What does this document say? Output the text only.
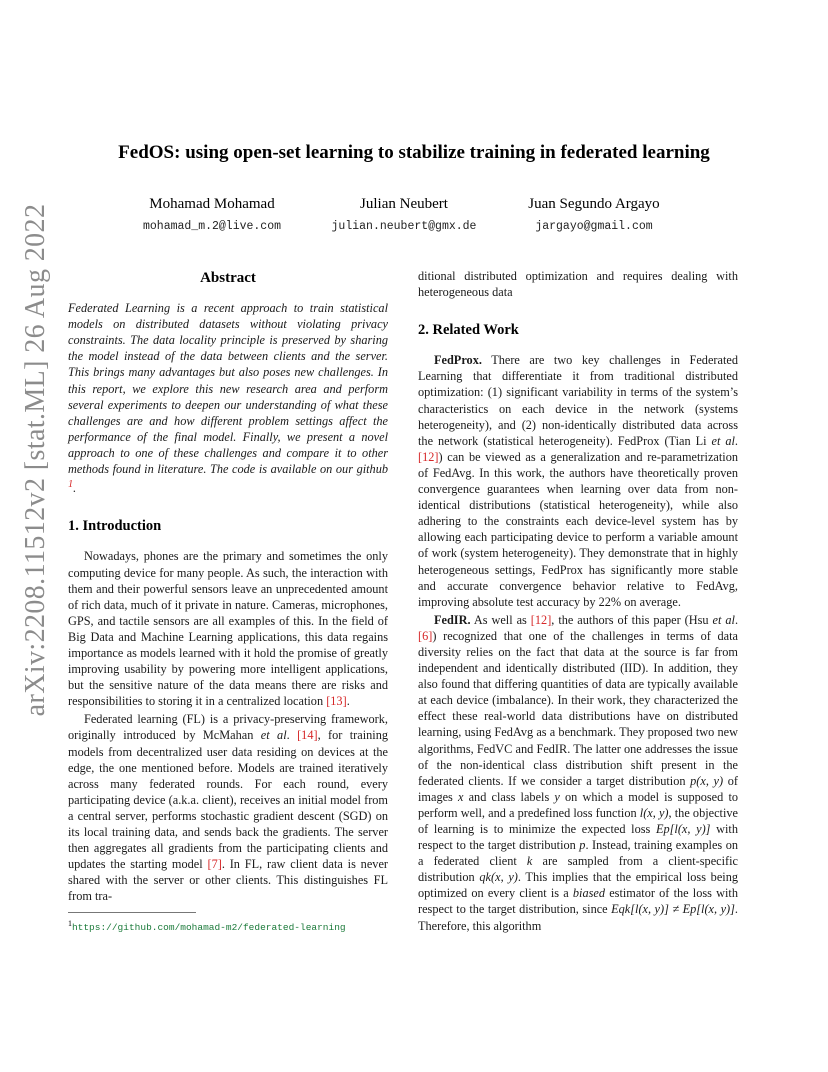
arXiv:2208.11512v2 [stat.ML] 26 Aug 2022
FedOS: using open-set learning to stabilize training in federated learning
Mohamad Mohamad
mohamad_m.2@live.com
Julian Neubert
julian.neubert@gmx.de
Juan Segundo Argayo
jargayo@gmail.com
Abstract

Federated Learning is a recent approach to train statistical models on distributed datasets without violating privacy constraints. The data locality principle is preserved by sharing the model instead of the data between clients and the server. This brings many advantages but also poses new challenges. In this report, we explore this new research area and perform several experiments to deepen our understanding of what these challenges are and how different problem settings affect the performance of the final model. Finally, we present a novel approach to one of these challenges and compare it to other methods found in literature. The code is available on our github $^1$.

1. Introduction

Nowadays, phones are the primary and sometimes the only computing device for many people. As such, the interaction with them and their powerful sensors leave an unprecedented amount of rich data, much of it private in nature. Cameras, microphones, GPS, and tactile sensors are all examples of this. In the field of Big Data and Machine Learning applications, this data regains importance as models learned with it hold the promise of greatly improving usability by powering more intelligent applications, but the sensitive nature of the data means there are risks and responsibilities to storing it in a centralized location [13].

Federated learning (FL) is a privacy-preserving framework, originally introduced by McMahan et al. [14], for training models from decentralized user data residing on devices at the edge, the one mentioned before. Models are trained iteratively across many federated rounds. For each round, every participating device (a.k.a. client), receives an initial model from a central server, performs stochastic gradient descent (SGD) on its local training data, and sends back the gradients. The server then aggregates all gradients from the participating clients and updates the starting model [7]. In FL, raw client data is never shared with the server or other clients. This distinguishes FL from tra-

$^1$https://github.com/mohamad-m2/federated-learning

ditional distributed optimization and requires dealing with heterogeneous data

2. Related Work

FedProx. There are two key challenges in Federated Learning that differentiate it from traditional distributed optimization: (1) significant variability in terms of the system’s characteristics on each device in the network (systems heterogeneity), and (2) non-identically distributed data across the network (statistical heterogeneity). FedProx (Tian Li et al. [12]) can be viewed as a generalization and re-parametrization of FedAvg. In this work, the authors have theoretically proven convergence guarantees when learning over data from non-identical distributions (statistical heterogeneity), while also adhering to the constraints each device-level system has by allowing each participating device to perform a variable amount of work (system heterogeneity). They demonstrate that in highly heterogeneous settings, FedProx has significantly more stable and accurate convergence behavior relative to FedAvg, improving absolute test accuracy by 22% on average.

FedIR. As well as [12], the authors of this paper (Hsu et al. [6]) recognized that one of the challenges in terms of data diversity relies on the fact that data at the source is far from independent and identically distributed (IID). In addition, they also found that differing quantities of data are typically available at each device (imbalance). In their work, they characterized the effect these real-world data distributions have on distributed learning, using FedAvg as a benchmark. They proposed two new algorithms, FedVC and FedIR. The latter one addresses the issue of the non-identical class distribution shift present in the federated clients. If we consider a target distribution p(x, y) of images x and class labels y on which a model is supposed to perform well, and a predefined loss function l(x, y), the objective of learning is to minimize the expected loss Ep[l(x, y)] with respect to the target distribution p. Instead, training examples on a federated client k are sampled from a client-specific distribution qk(x, y). This implies that the empirical loss being optimized on every client is a biased estimator of the loss with respect to the target distribution, since Eqk[l(x, y)] ≠ Ep[l(x, y)]. Therefore, this algorithm
